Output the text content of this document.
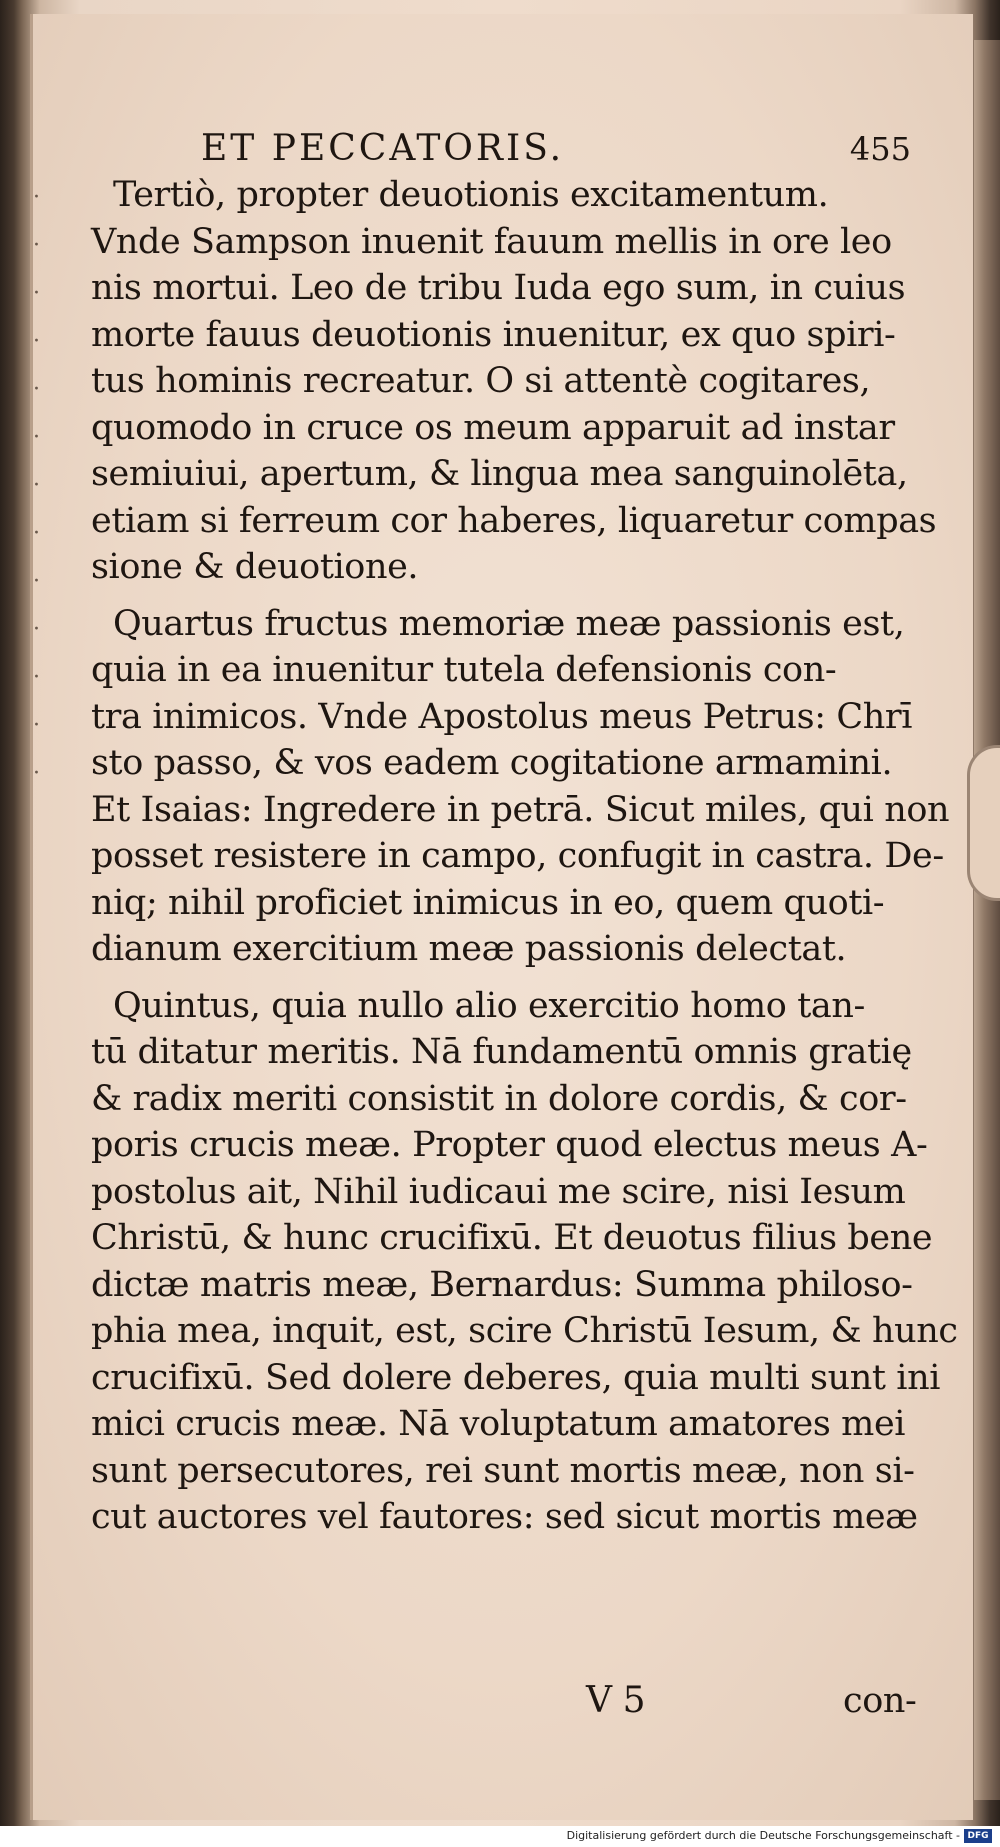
· · · · · · · · · · · · ·
ET PECCATORIS.	455
Tertiò, propter deuotionis excitamentum.
Vnde Sampson inuenit fauum mellis in ore leo
nis mortui. Leo de tribu Iuda ego sum, in cuius
morte fauus deuotionis inuenitur, ex quo spiri-
tus hominis recreatur. O si attentè cogitares,
quomodo in cruce os meum apparuit ad instar
semiuiui, apertum, & lingua mea sanguinolēta,
etiam si ferreum cor haberes, liquaretur compas
sione & deuotione.
Quartus fructus memoriæ meæ passionis est,
quia in ea inuenitur tutela defensionis con-
tra inimicos. Vnde Apostolus meus Petrus: Chrī
sto passo, & vos eadem cogitatione armamini.
Et Isaias: Ingredere in petrā. Sicut miles, qui non
posset resistere in campo, confugit in castra. De-
niq; nihil proficiet inimicus in eo, quem quoti-
dianum exercitium meæ passionis delectat.
Quintus, quia nullo alio exercitio homo tan-
tū ditatur meritis. Nā fundamentū omnis gratię
& radix meriti consistit in dolore cordis, & cor-
poris crucis meæ. Propter quod electus meus A-
postolus ait, Nihil iudicaui me scire, nisi Iesum
Christū, & hunc crucifixū. Et deuotus filius bene
dictæ matris meæ, Bernardus: Summa philoso-
phia mea, inquit, est, scire Christū Iesum, & hunc
crucifixū. Sed dolere deberes, quia multi sunt ini
mici crucis meæ. Nā voluptatum amatores mei
sunt persecutores, rei sunt mortis meæ, non si-
cut auctores vel fautores: sed sicut mortis meæ
V 5	con-
Digitalisierung gefördert durch die Deutsche Forschungsgemeinschaft - DFG
